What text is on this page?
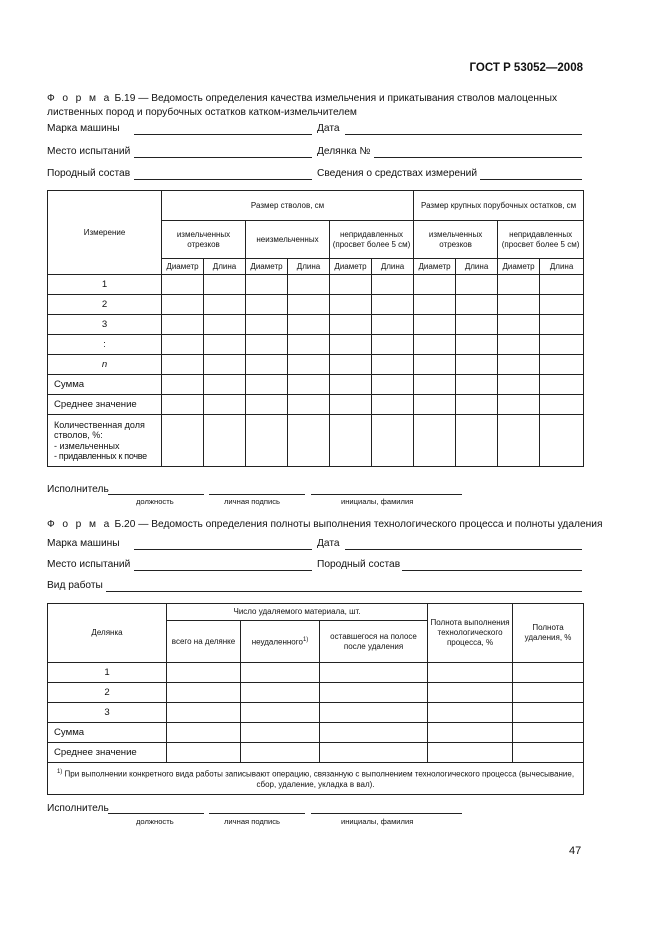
ГОСТ Р 53052—2008
Ф о р м а Б.19 — Ведомость определения качества измельчения и прикатывания стволов малоценных лиственных пород и порубочных остатков катком-измельчителем
Марка машины	Дата
Место испытаний	Делянка №
Породный состав	Сведения о средствах измерений
Измерение	Размер стволов, см						Размер крупных порубочных остатков, см			
	измельченных отрезков		неизмельченных		непридавленных (просвет более 5 см)		измельченных отрезков		непридавленных (просвет более 5 см)	
	Диаметр	Длина	Диаметр	Длина	Диаметр	Длина	Диаметр	Длина	Диаметр	Длина
1										
2										
3										
:										
n										
Сумма										
Среднее значение										

Количественная доля стволов, %:
- измельченных
- придавленных к почве										

Исполнитель
должность	личная подпись	инициалы, фамилия
Ф о р м а Б.20 — Ведомость определения полноты выполнения технологического процесса и полноты удаления
Марка машины	Дата
Место испытаний	Породный состав
Вид работы
Делянка	Число удаляемого материала, шт.			Полнота выполнения технологического процесса, %	Полнота удаления, %
	всего на делянке	неудаленного$^{1)}$	оставшегося на полосе после удаления		
1					
2					
3					
Сумма					
Среднее значение					
$^{1)}$ При выполнении конкретного вида работы записывают операцию, связанную с выполнением технологического процесса (вычесывание, сбор, удаление, укладка в вал).					
Исполнитель
должность	личная подпись	инициалы, фамилия
47
